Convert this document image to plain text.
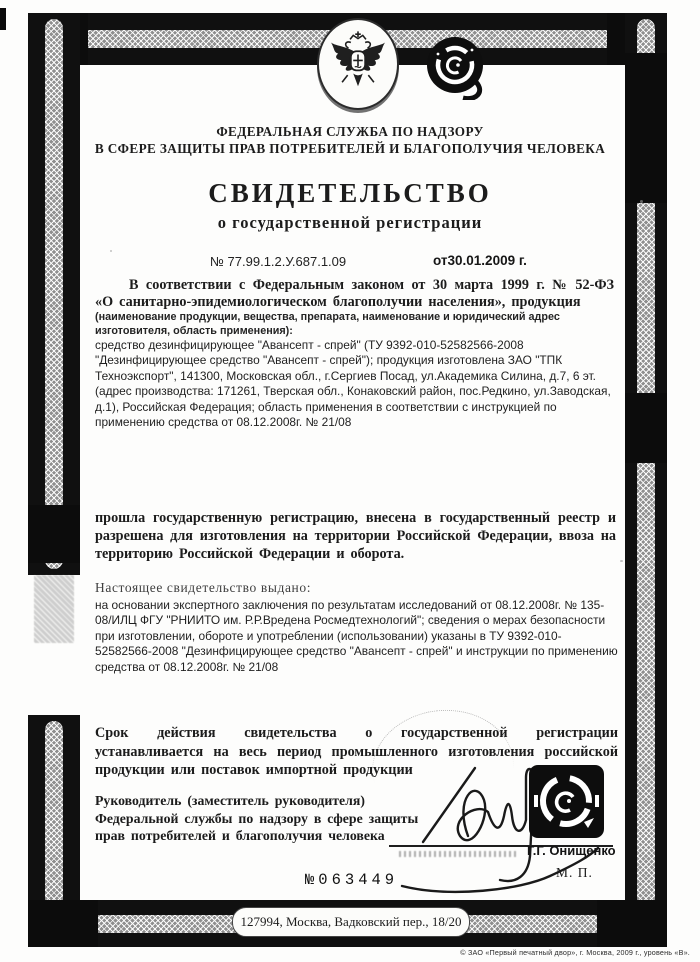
ФЕДЕРАЛЬНАЯ СЛУЖБА ПО НАДЗОРУ
В СФЕРЕ ЗАЩИТЫ ПРАВ ПОТРЕБИТЕЛЕЙ И БЛАГОПОЛУЧИЯ ЧЕЛОВЕКА
СВИДЕТЕЛЬСТВО
о государственной регистрации
№ 77.99.1.2.У.687.1.09	от30.01.2009 г.
В соответствии с Федеральным законом от 30 марта 1999 г. № 52-ФЗ «О санитарно-эпидемиологическом благополучии населения», продукция
(наименование продукции, вещества, препарата, наименование и юридический адрес изготовителя, область применения):
средство дезинфицирующее "Авансепт - спрей" (ТУ 9392-010-52582566-2008 "Дезинфицирующее средство "Авансепт - спрей"); продукция изготовлена ЗАО "ТПК Техноэкспорт", 141300, Московская обл., г.Сергиев Посад, ул.Академика Силина, д.7, 6 эт. (адрес производства: 171261, Тверская обл., Конаковский район, пос.Редкино, ул.Заводская, д.1), Российская Федерация; область применения в соответствии с инструкцией по применению средства от 08.12.2008г. № 21/08
прошла государственную регистрацию, внесена в государственный реестр и разрешена для изготовления на территории Российской Федерации, ввоза на территорию Российской Федерации и оборота.
Настоящее свидетельство выдано:
на основании экспертного заключения по результатам исследований от 08.12.2008г. № 135-08/ИЛЦ ФГУ "РНИИТО им. Р.Р.Вредена Росмедтехнологий"; сведения о мерах безопасности при изготовлении, обороте и употреблении (использовании) указаны в ТУ 9392-010-52582566-2008 "Дезинфицирующее средство "Авансепт - спрей" и инструкции по применению средства от 08.12.2008г. № 21/08
Срок действия свидетельства о государственной регистрации устанавливается на весь период промышленного изготовления российской продукции или поставок импортной продукции
Руководитель (заместитель руководителя) Федеральной службы по надзору в сфере защиты прав потребителей и благополучия человека
Г.Г. Онищенко
М. П.
№063449
127994, Москва, Вадковский пер., 18/20
© ЗАО «Первый печатный двор», г. Москва, 2009 г., уровень «В».
